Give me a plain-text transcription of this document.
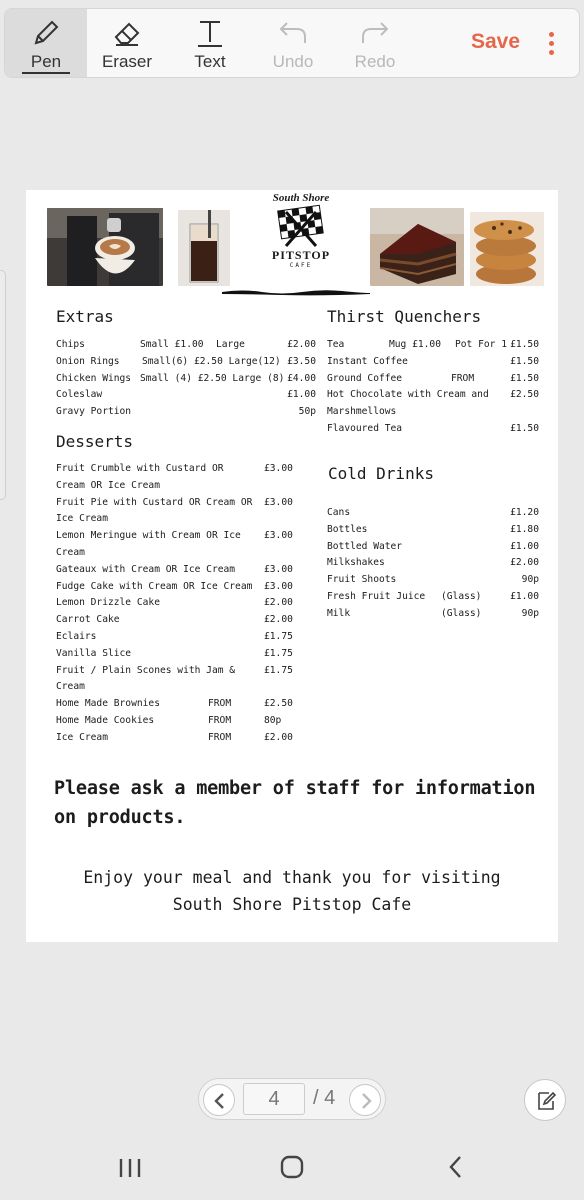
Pen	Eraser	Text	Undo	Redo
Save
South Shore
PITSTOP
CAFE
Extras
Chips	Small £1.00 Large	£2.00
Onion Rings Small(6) £2.50 Large(12) £3.50
Chicken Wings Small (4) £2.50 Large (8) £4.00
Coleslaw	£1.00
Gravy Portion	50p
Desserts
Fruit Crumble with Custard OR	£3.00
Cream OR Ice Cream
Fruit Pie with Custard OR Cream OR £3.00
Ice Cream
Lemon Meringue with Cream OR Ice £3.00
Cream
Gateaux with Cream OR Ice Cream	£3.00
Fudge Cake with Cream OR Ice Cream £3.00
Lemon Drizzle Cake	£2.00
Carrot Cake	£2.00
Eclairs	£1.75
Vanilla Slice	£1.75
Fruit / Plain Scones with Jam &	£1.75
Cream
Home Made Brownies	FROM	£2.50
Home Made Cookies	FROM	80p
Ice Cream	FROM	£2.00
Thirst Quenchers
Tea	Mug £1.00 Pot For 1 £1.50
Instant Coffee	£1.50
Ground Coffee	FROM	£1.50
Hot Chocolate with Cream and £2.50
Marshmellows
Flavoured Tea	£1.50
Cold Drinks
Cans	£1.20
Bottles	£1.80
Bottled Water	£1.00
Milkshakes	£2.00
Fruit Shoots	90p
Fresh Fruit Juice (Glass)	£1.00
Milk	(Glass)	90p
Please ask a member of staff for information on products.
Enjoy your meal and thank you for visiting
South Shore Pitstop Cafe
4	/ 4
